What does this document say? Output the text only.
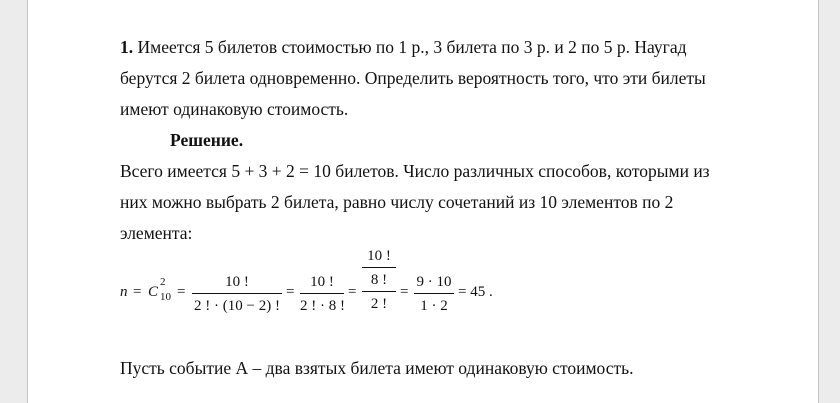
1. Имеется 5 билетов стоимостью по 1 р., 3 билета по 3 р. и 2 по 5 р. Наугад

берутся 2 билета одновременно. Определить вероятность того, что эти билеты

имеют одинаковую стоимость.

Решение.

Всего имеется 5 + 3 + 2 = 10 билетов. Число различных способов, которыми из

них можно выбрать 2 билета, равно числу сочетаний из 10 элементов по 2

элемента:

n = C
2
10 =
10 !
2 ! · (10 − 2) !
=
10 !
2 ! · 8 !
=
10 !
8 !
2 !
=
9 · 10
1 · 2
= 45 .

Пусть событие А – два взятых билета имеют одинаковую стоимость.
